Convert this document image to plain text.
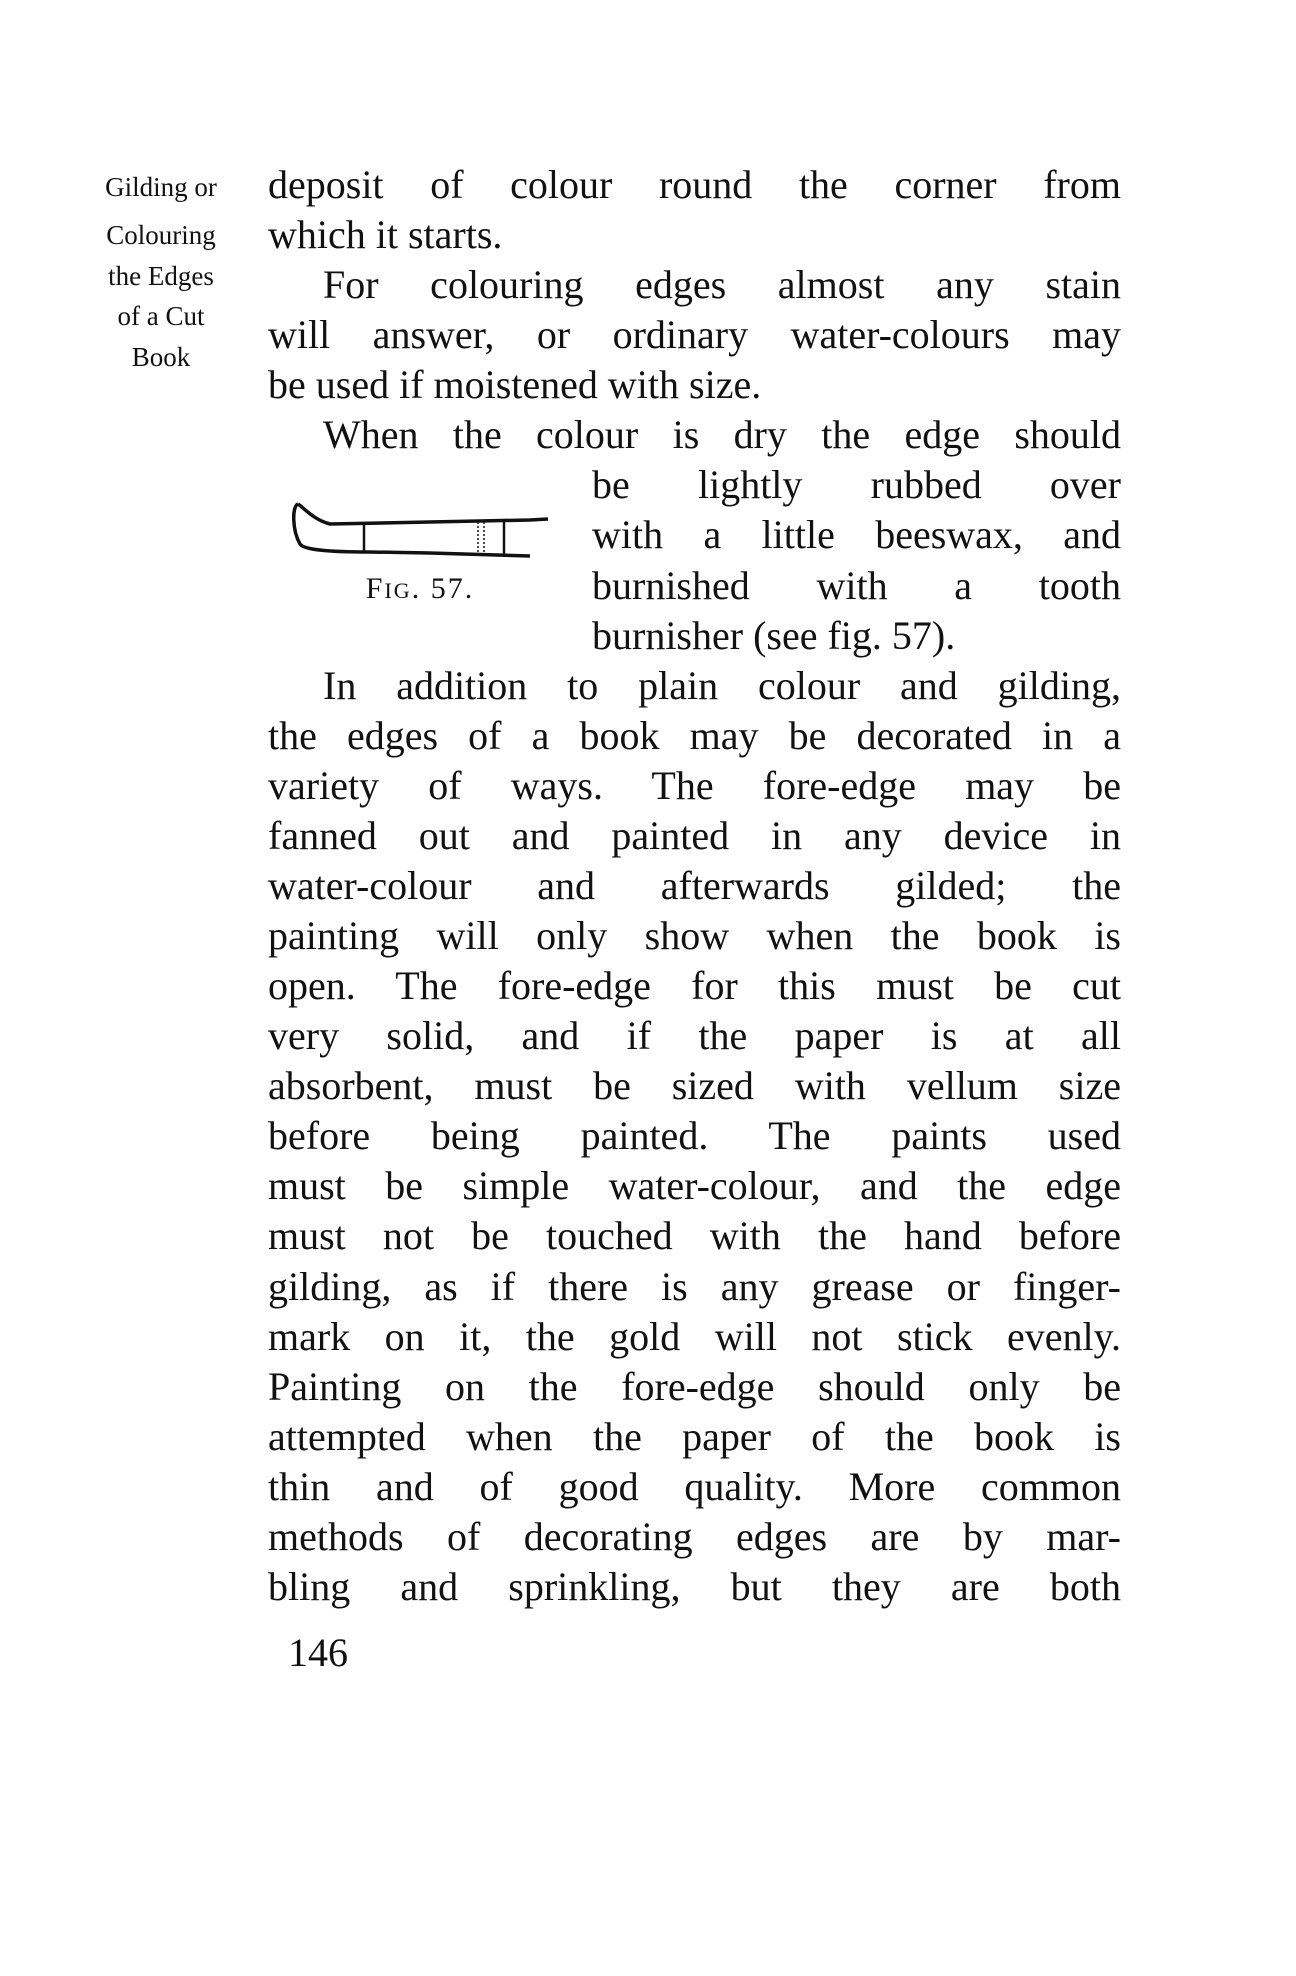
Gilding or
Colouring
the Edges
of a Cut
Book
deposit of colour round the corner from
which it starts.
For colouring edges almost any stain
will answer, or ordinary water-colours may
be used if moistened with size.
When the colour is dry the edge should
be lightly rubbed over
with a little beeswax, and
burnished with a tooth
burnisher (see fig. 57).
In addition to plain colour and gilding,
the edges of a book may be decorated in a
variety of ways. The fore-edge may be
fanned out and painted in any device in
water-colour and afterwards gilded; the
painting will only show when the book is
open. The fore-edge for this must be cut
very solid, and if the paper is at all
absorbent, must be sized with vellum size
before being painted. The paints used
must be simple water-colour, and the edge
must not be touched with the hand before
gilding, as if there is any grease or finger-
mark on it, the gold will not stick evenly.
Painting on the fore-edge should only be
attempted when the paper of the book is
thin and of good quality. More common
methods of decorating edges are by mar-
bling and sprinkling, but they are both
FIG. 57.
146
